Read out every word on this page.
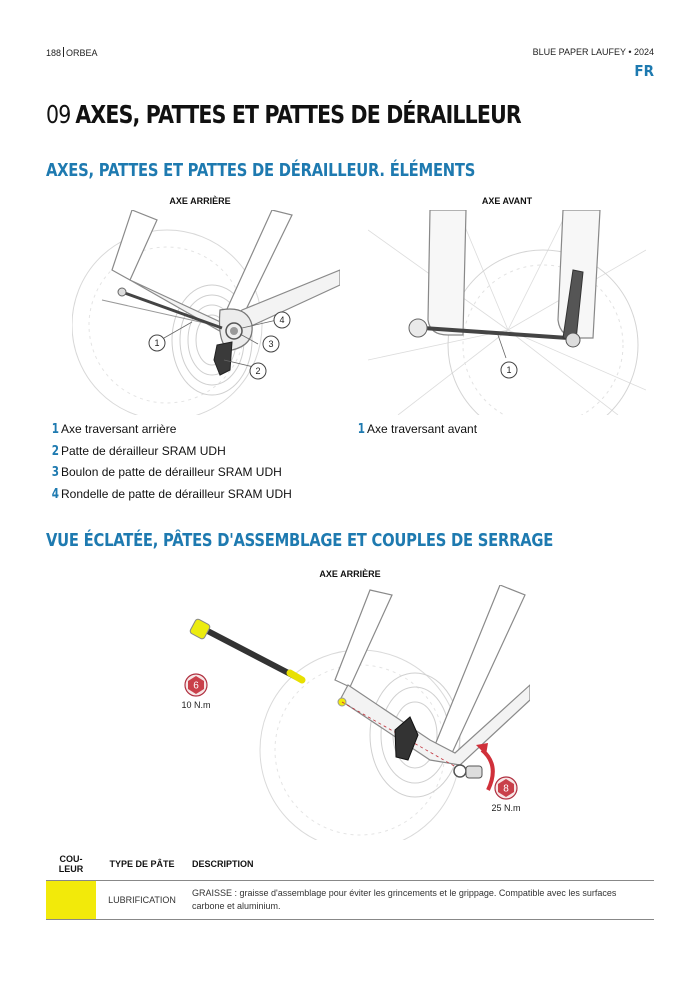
188 ORBEA	BLUE PAPER LAUFEY • 2024
FR
09 AXES, PATTES ET PATTES DE DÉRAILLEUR
AXES, PATTES ET PATTES DE DÉRAILLEUR. ÉLÉMENTS
AXE ARRIÈRE	AXE AVANT
1
2
3
4
1
1 Axe traversant arrière
2 Patte de dérailleur SRAM UDH
3 Boulon de patte de dérailleur SRAM UDH
4 Rondelle de patte de dérailleur SRAM UDH
1 Axe traversant avant
VUE ÉCLATÉE, PÂTES D'ASSEMBLAGE ET COUPLES DE SERRAGE
AXE ARRIÈRE
6
10 N.m
8
25 N.m
COU-
LEUR	TYPE DE PÂTE	DESCRIPTION
	LUBRIFICATION	GRAISSE : graisse d'assemblage pour éviter les grincements et le grippage. Compatible avec les surfaces carbone et aluminium.
